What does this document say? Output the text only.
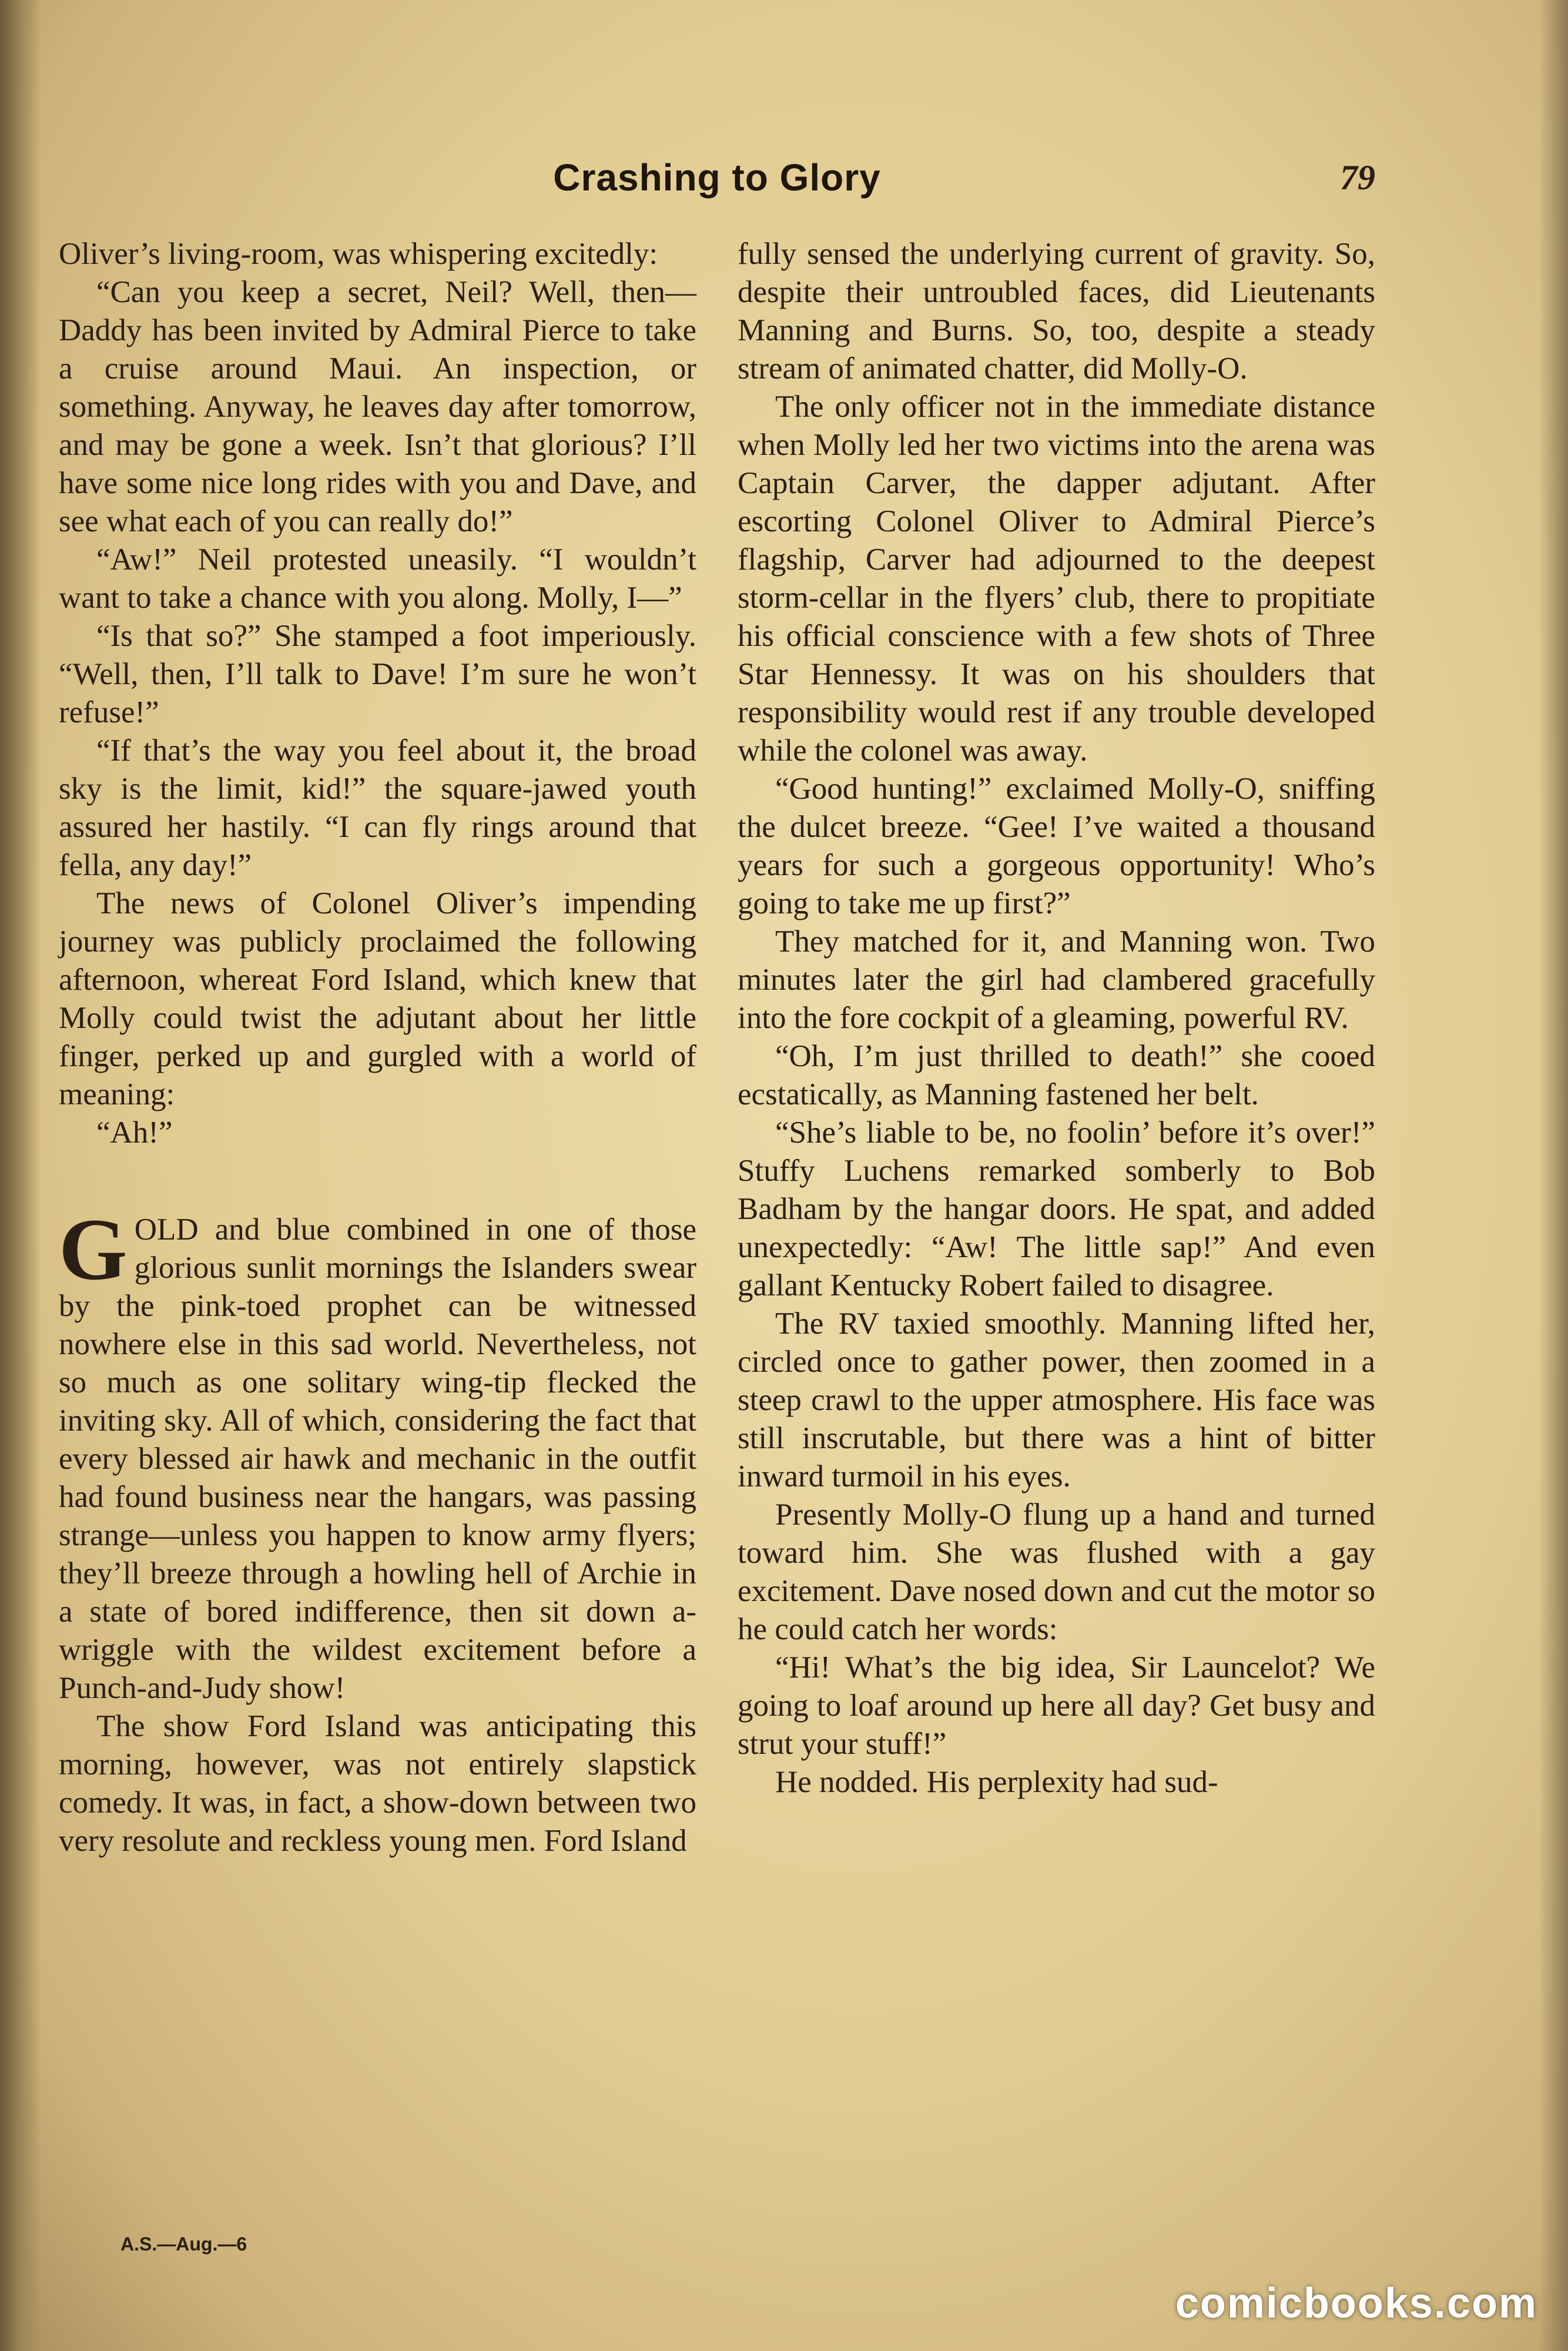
Crashing to Glory	79

Oliver’s living-room, was whispering excitedly:

“Can you keep a secret, Neil? Well, then—Daddy has been invited by Admiral Pierce to take a cruise around Maui. An inspection, or something. Anyway, he leaves day after tomorrow, and may be gone a week. Isn’t that glorious? I’ll have some nice long rides with you and Dave, and see what each of you can really do!”

“Aw!” Neil protested uneasily. “I wouldn’t want to take a chance with you along. Molly, I—”

“Is that so?” She stamped a foot imperiously. “Well, then, I’ll talk to Dave! I’m sure he won’t refuse!”

“If that’s the way you feel about it, the broad sky is the limit, kid!” the square-jawed youth assured her hastily. “I can fly rings around that fella, any day!”

The news of Colonel Oliver’s impending journey was publicly proclaimed the following afternoon, whereat Ford Island, which knew that Molly could twist the adjutant about her little finger, perked up and gurgled with a world of meaning:

“Ah!”

GOLD and blue combined in one of those glorious sunlit mornings the Islanders swear by the pink-toed prophet can be witnessed nowhere else in this sad world. Nevertheless, not so much as one solitary wing-tip flecked the inviting sky. All of which, considering the fact that every blessed air hawk and mechanic in the outfit had found business near the hangars, was passing strange—unless you happen to know army flyers; they’ll breeze through a howling hell of Archie in a state of bored indifference, then sit down a-wriggle with the wildest excitement before a Punch-and-Judy show!

The show Ford Island was anticipating this morning, however, was not entirely slapstick comedy. It was, in fact, a show-down between two very resolute and reckless young men. Ford Island

fully sensed the underlying current of gravity. So, despite their untroubled faces, did Lieutenants Manning and Burns. So, too, despite a steady stream of animated chatter, did Molly-O.

The only officer not in the immediate distance when Molly led her two victims into the arena was Captain Carver, the dapper adjutant. After escorting Colonel Oliver to Admiral Pierce’s flagship, Carver had adjourned to the deepest storm-cellar in the flyers’ club, there to propitiate his official conscience with a few shots of Three Star Hennessy. It was on his shoulders that responsibility would rest if any trouble developed while the colonel was away.

“Good hunting!” exclaimed Molly-O, sniffing the dulcet breeze. “Gee! I’ve waited a thousand years for such a gorgeous opportunity! Who’s going to take me up first?”

They matched for it, and Manning won. Two minutes later the girl had clambered gracefully into the fore cockpit of a gleaming, powerful RV.

“Oh, I’m just thrilled to death!” she cooed ecstatically, as Manning fastened her belt.

“She’s liable to be, no foolin’ before it’s over!” Stuffy Luchens remarked somberly to Bob Badham by the hangar doors. He spat, and added unexpectedly: “Aw! The little sap!” And even gallant Kentucky Robert failed to disagree.

The RV taxied smoothly. Manning lifted her, circled once to gather power, then zoomed in a steep crawl to the upper atmosphere. His face was still inscrutable, but there was a hint of bitter inward turmoil in his eyes.

Presently Molly-O flung up a hand and turned toward him. She was flushed with a gay excitement. Dave nosed down and cut the motor so he could catch her words:

“Hi! What’s the big idea, Sir Launcelot? We going to loaf around up here all day? Get busy and strut your stuff!”

He nodded. His perplexity had sud-

A.S.—Aug.—6
comicbooks.com
